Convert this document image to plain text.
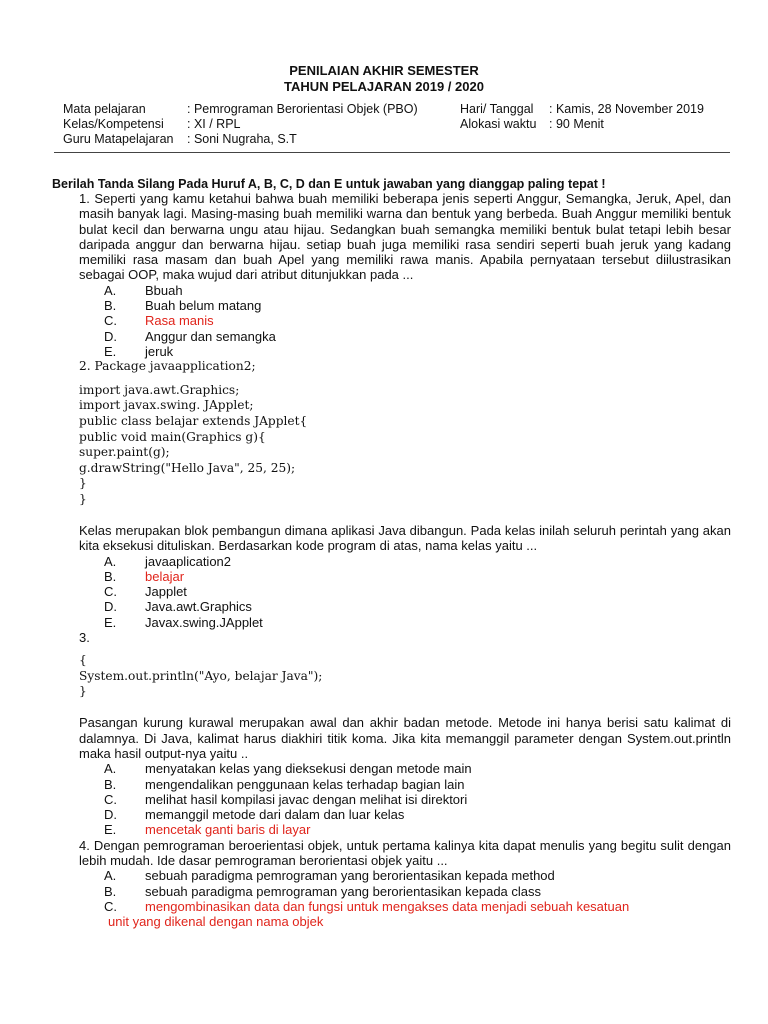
PENILAIAN AKHIR SEMESTER
TAHUN PELAJARAN 2019 / 2020
Mata pelajaran	: Pemrograman Berorientasi Objek (PBO)	Hari/ Tanggal : Kamis, 28 November 2019
Kelas/Kompetensi : XI / RPL	Alokasi waktu : 90 Menit
Guru Matapelajaran : Soni Nugraha, S.T
Berilah Tanda Silang Pada Huruf A, B, C, D dan E untuk jawaban yang dianggap paling tepat !

1. Seperti yang kamu ketahui bahwa buah memiliki beberapa jenis seperti Anggur, Semangka, Jeruk, Apel, dan masih banyak lagi. Masing-masing buah memiliki warna dan bentuk yang berbeda. Buah Anggur memiliki bentuk bulat kecil dan berwarna ungu atau hijau. Sedangkan buah semangka memiliki bentuk bulat tetapi lebih besar daripada anggur dan berwarna hijau. setiap buah juga memiliki rasa sendiri seperti buah jeruk yang kadang memiliki rasa masam dan buah Apel yang memiliki rawa manis. Apabila pernyataan tersebut diilustrasikan sebagai OOP, maka wujud dari atribut ditunjukkan pada ...

A. Bbuah
B. Buah belum matang
C. Rasa manis
D. Anggur dan semangka
E. jeruk
2. Package javaapplication2;
import java.awt.Graphics;
import javax.swing. JApplet;
public class belajar extends JApplet{
public void main(Graphics g){
super.paint(g);
g.drawString("Hello Java", 25, 25);
}
}

Kelas merupakan blok pembangun dimana aplikasi Java dibangun. Pada kelas inilah seluruh perintah yang akan kita eksekusi dituliskan. Berdasarkan kode program di atas, nama kelas yaitu ...

A. javaaplication2
B. belajar
C. Japplet
D. Java.awt.Graphics
E. Javax.swing.JApplet
3.
{
System.out.println("Ayo, belajar Java");
}

Pasangan kurung kurawal merupakan awal dan akhir badan metode. Metode ini hanya berisi satu kalimat di dalamnya. Di Java, kalimat harus diakhiri titik koma. Jika kita memanggil parameter dengan System.out.println maka hasil output-nya yaitu ..

A. menyatakan kelas yang dieksekusi dengan metode main
B. mengendalikan penggunaan kelas terhadap bagian lain
C. melihat hasil kompilasi javac dengan melihat isi direktori
D. memanggil metode dari dalam dan luar kelas
E. mencetak ganti baris di layar

4. Dengan pemrograman beroerientasi objek, untuk pertama kalinya kita dapat menulis yang begitu sulit dengan lebih mudah. Ide dasar pemrograman berorientasi objek yaitu ...

A. sebuah paradigma pemrograman yang berorientasikan kepada method
B. sebuah paradigma pemrograman yang berorientasikan kepada class
C. mengombinasikan data dan fungsi untuk mengakses data menjadi sebuah kesatuan
unit yang dikenal dengan nama objek
